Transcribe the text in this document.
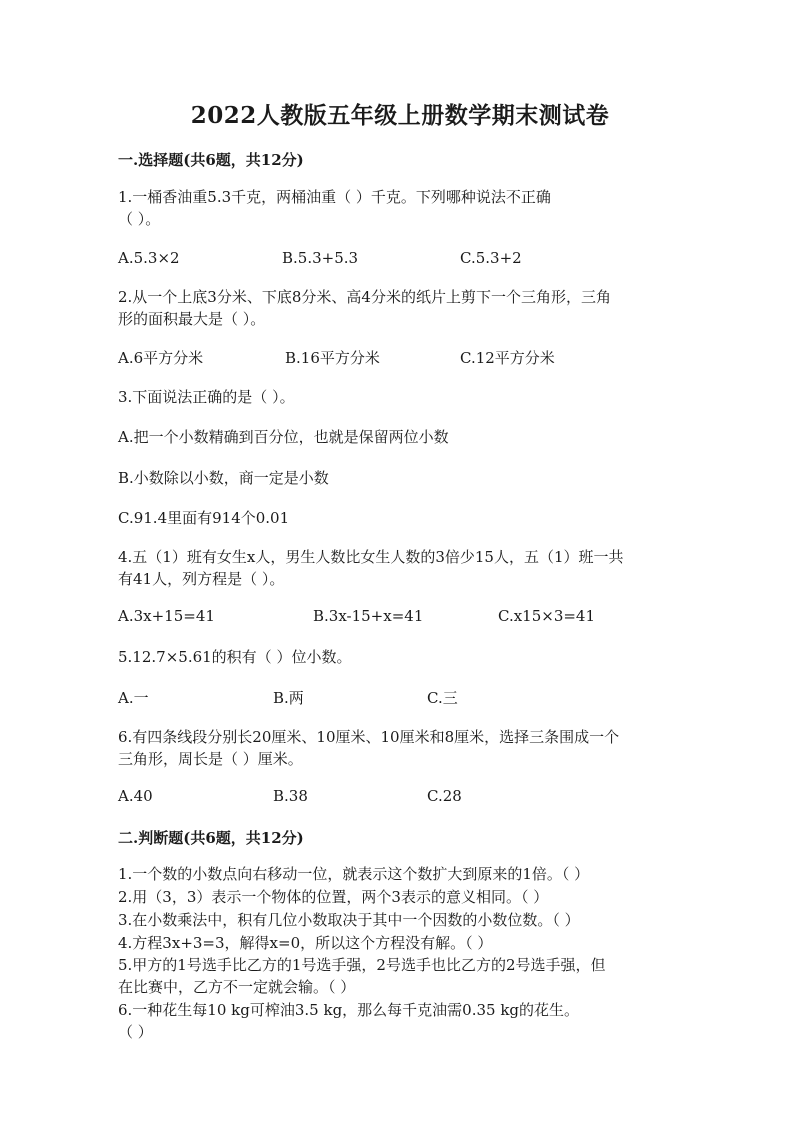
2022人教版五年级上册数学期末测试卷
一.选择题(共6题，共12分)
1.一桶香油重5.3千克，两桶油重（ ）千克。下列哪种说法不正确
（ ）。
A.5.3×2	B.5.3+5.3	C.5.3+2
2.从一个上底3分米、下底8分米、高4分米的纸片上剪下一个三角形，三角
形的面积最大是（ ）。
A.6平方分米	B.16平方分米	C.12平方分米
3.下面说法正确的是（ ）。
A.把一个小数精确到百分位，也就是保留两位小数
B.小数除以小数，商一定是小数
C.91.4里面有914个0.01
4.五（1）班有女生x人，男生人数比女生人数的3倍少15人，五（1）班一共
有41人，列方程是（ ）。
A.3x+15=41	B.3x-15+x=41	C.x15×3=41
5.12.7×5.61的积有（ ）位小数。
A.一	B.两	C.三
6.有四条线段分别长20厘米、10厘米、10厘米和8厘米，选择三条围成一个
三角形，周长是（ ）厘米。
A.40	B.38	C.28
二.判断题(共6题，共12分)
1.一个数的小数点向右移动一位，就表示这个数扩大到原来的1倍。（ ）
2.用（3，3）表示一个物体的位置，两个3表示的意义相同。（ ）
3.在小数乘法中，积有几位小数取决于其中一个因数的小数位数。（ ）
4.方程3x+3=3，解得x=0，所以这个方程没有解。（ ）
5.甲方的1号选手比乙方的1号选手强，2号选手也比乙方的2号选手强，但
在比赛中，乙方不一定就会输。（ ）
6.一种花生每10 kg可榨油3.5 kg，那么每千克油需0.35 kg的花生。
（ ）
